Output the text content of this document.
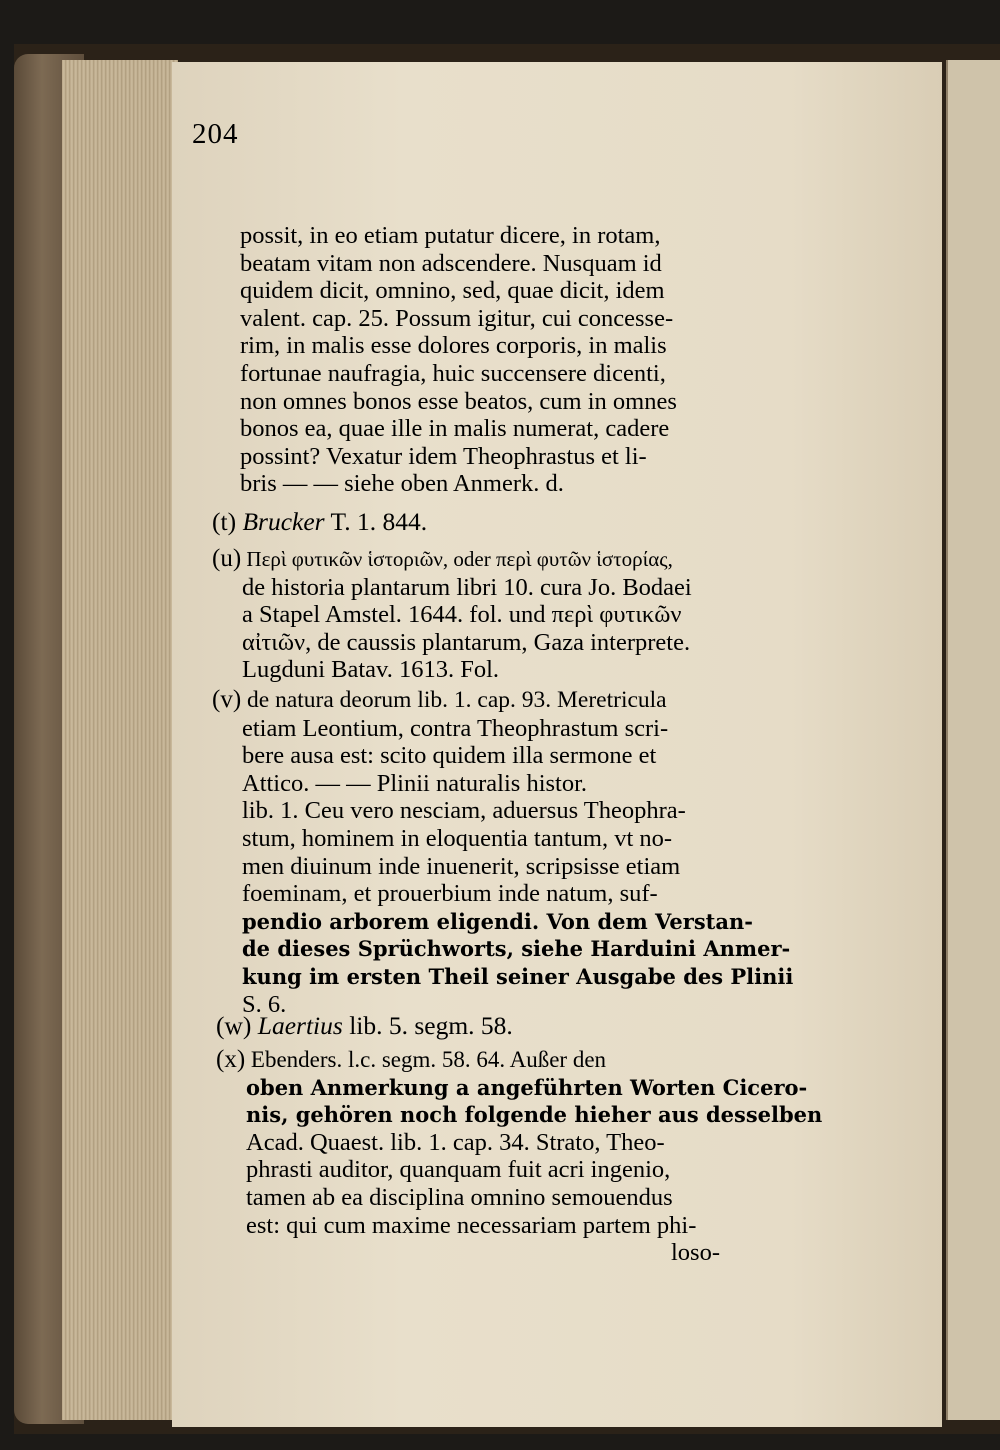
204
possit, in eo etiam putatur dicere, in rotam,
beatam vitam non adscendere. Nusquam id
quidem dicit, omnino, sed, quae dicit, idem
valent. cap. 25. Possum igitur, cui concesse-
rim, in malis esse dolores corporis, in malis
fortunae naufragia, huic succensere dicenti,
non omnes bonos esse beatos, cum in omnes
bonos ea, quae ille in malis numerat, cadere
possint? Vexatur idem Theophrastus et li-
bris — — siehe oben Anmerk. d.
(t) Brucker T. 1. 844.
(u) Περὶ φυτικῶν ἱστοριῶν, oder περὶ φυτῶν ἱστορίας,
de historia plantarum libri 10. cura Jo. Bodaei
a Stapel Amstel. 1644. fol. und περὶ φυτικῶν
αἰτιῶν, de caussis plantarum, Gaza interprete.
Lugduni Batav. 1613. Fol.
(v) de natura deorum lib. 1. cap. 93. Meretricula
etiam Leontium, contra Theophrastum scri-
bere ausa est: scito quidem illa sermone et
Attico. — — Plinii naturalis histor.
lib. 1. Ceu vero nesciam, aduersus Theophra-
stum, hominem in eloquentia tantum, vt no-
men diuinum inde inuenerit, scripsisse etiam
foeminam, et prouerbium inde natum, suf-
pendio arborem eligendi. Von dem Verstan-
de dieses Sprüchworts, siehe Harduini Anmer-
kung im ersten Theil seiner Ausgabe des Plinii
S. 6.
(w) Laertius lib. 5. segm. 58.
(x) Ebenders. l.c. segm. 58. 64. Außer den
oben Anmerkung a angeführten Worten Cicero-
nis, gehören noch folgende hieher aus desselben
Acad. Quaest. lib. 1. cap. 34. Strato, Theo-
phrasti auditor, quanquam fuit acri ingenio,
tamen ab ea disciplina omnino semouendus
est: qui cum maxime necessariam partem phi-
loso-
